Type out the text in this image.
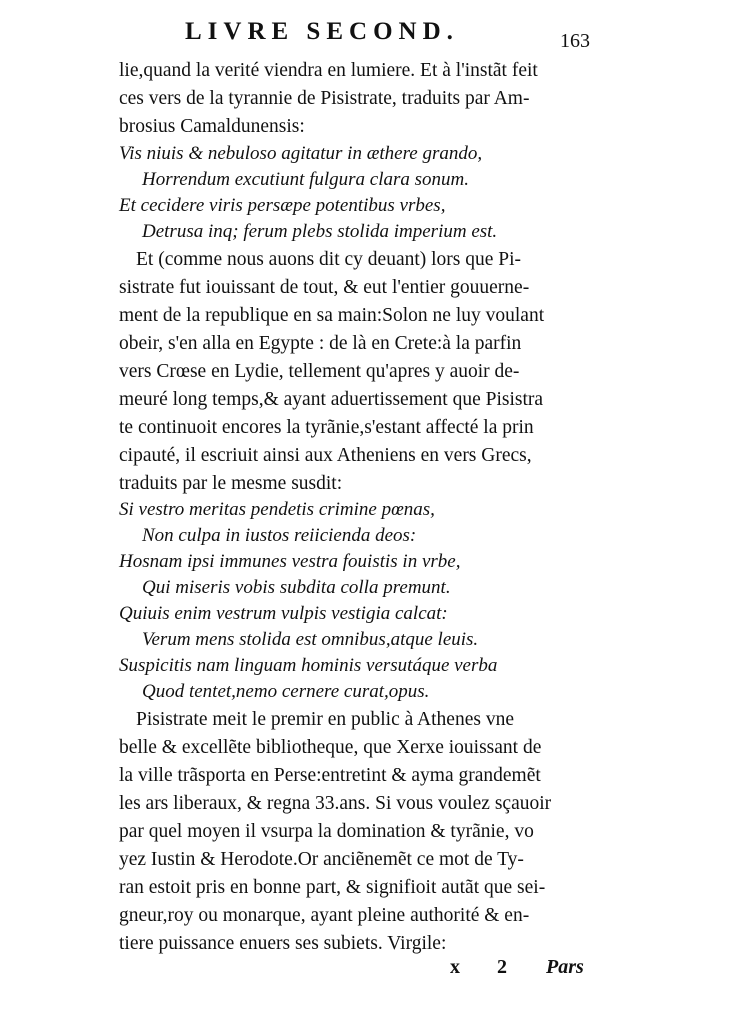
LIVRE SECOND.	163
lie,quand la verité viendra en lumiere. Et à l'instãt feit
ces vers de la tyrannie de Pisistrate, traduits par Am-
brosius Camaldunensis:
Vis niuis & nebuloso agitatur in æthere grando,
Horrendum excutiunt fulgura clara sonum.
Et cecidere viris persæpe potentibus vrbes,
Detrusa inq; ferum plebs stolida imperium est.
Et (comme nous auons dit cy deuant) lors que Pi-
sistrate fut iouissant de tout, & eut l'entier gouuerne-
ment de la republique en sa main:Solon ne luy voulant
obeir, s'en alla en Egypte : de là en Crete:à la parfin
vers Crœse en Lydie, tellement qu'apres y auoir de-
meuré long temps,& ayant aduertissement que Pisistra
te continuoit encores la tyrãnie,s'estant affecté la prin
cipauté, il escriuit ainsi aux Atheniens en vers Grecs,
traduits par le mesme susdit:
Si vestro meritas pendetis crimine pœnas,
Non culpa in iustos reiicienda deos:
Hosnam ipsi immunes vestra fouistis in vrbe,
Qui miseris vobis subdita colla premunt.
Quiuis enim vestrum vulpis vestigia calcat:
Verum mens stolida est omnibus,atque leuis.
Suspicitis nam linguam hominis versutáque verba
Quod tentet,nemo cernere curat,opus.
Pisistrate meit le premir en public à Athenes vne
belle & excellẽte bibliotheque, que Xerxe iouissant de
la ville trãsporta en Perse:entretint & ayma grandemẽt
les ars liberaux, & regna 33.ans. Si vous voulez sçauoir
par quel moyen il vsurpa la domination & tyrãnie, vo
yez Iustin & Herodote.Or anciẽnemẽt ce mot de Ty-
ran estoit pris en bonne part, & signifioit autãt que sei-
gneur,roy ou monarque, ayant pleine authorité & en-
tiere puissance enuers ses subiets. Virgile:
x 2 Pars
